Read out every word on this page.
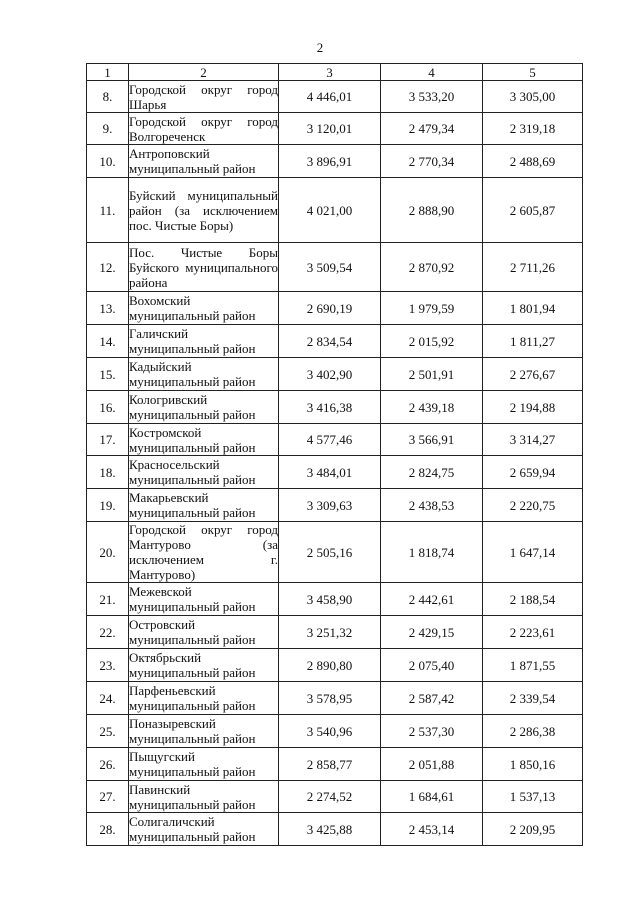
2
1	2	3	4	5
8.	Городской округ город Шарья	4 446,01	3 533,20	3 305,00
9.	Городской округ город Волгореченск	3 120,01	2 479,34	2 319,18
10.	Антроповский муниципальный район	3 896,91	2 770,34	2 488,69
11.	Буйский муниципальный район (за исключением пос. Чистые Боры)	4 021,00	2 888,90	2 605,87
12.	Пос. Чистые Боры Буйского муниципального района	3 509,54	2 870,92	2 711,26
13.	Вохомский муниципальный район	2 690,19	1 979,59	1 801,94
14.	Галичский муниципальный район	2 834,54	2 015,92	1 811,27
15.	Кадыйский муниципальный район	3 402,90	2 501,91	2 276,67
16.	Кологривский муниципальный район	3 416,38	2 439,18	2 194,88
17.	Костромской муниципальный район	4 577,46	3 566,91	3 314,27
18.	Красносельский муниципальный район	3 484,01	2 824,75	2 659,94
19.	Макарьевский муниципальный район	3 309,63	2 438,53	2 220,75
20.	Городской округ город Мантурово (за исключением г. Мантурово)	2 505,16	1 818,74	1 647,14
21.	Межевской муниципальный район	3 458,90	2 442,61	2 188,54
22.	Островский муниципальный район	3 251,32	2 429,15	2 223,61
23.	Октябрьский муниципальный район	2 890,80	2 075,40	1 871,55
24.	Парфеньевский муниципальный район	3 578,95	2 587,42	2 339,54
25.	Поназыревский муниципальный район	3 540,96	2 537,30	2 286,38
26.	Пыщугский муниципальный район	2 858,77	2 051,88	1 850,16
27.	Павинский муниципальный район	2 274,52	1 684,61	1 537,13
28.	Солигаличский муниципальный район	3 425,88	2 453,14	2 209,95
